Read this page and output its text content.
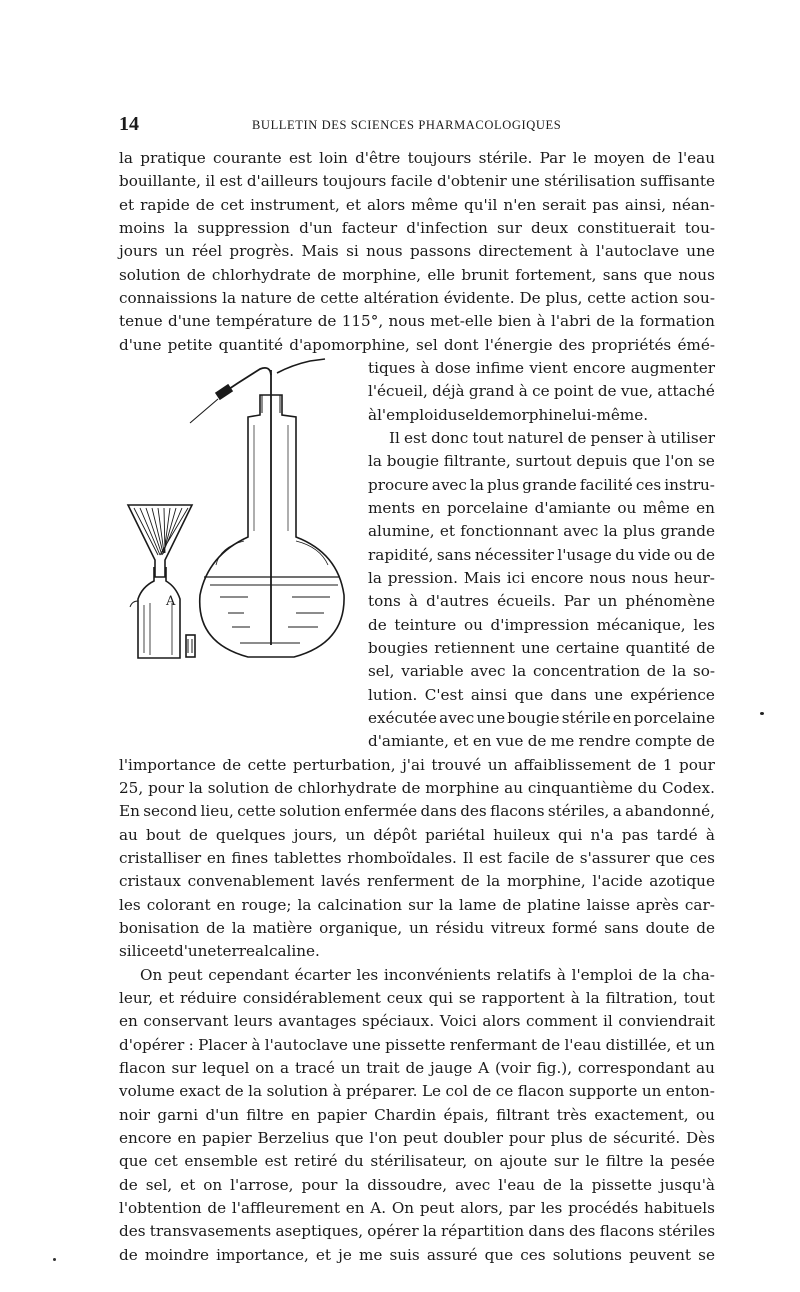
14	BULLETIN DES SCIENCES PHARMACOLOGIQUES
A
la pratique courante est loin d'être toujours stérile. Par le moyen de l'eau
bouillante, il est d'ailleurs toujours facile d'obtenir une stérilisation suffisante
et rapide de cet instrument, et alors même qu'il n'en serait pas ainsi, néan-
moins la suppression d'un facteur d'infection sur deux constituerait tou-
jours un réel progrès. Mais si nous passons directement à l'autoclave une
solution de chlorhydrate de morphine, elle brunit fortement, sans que nous
connaissions la nature de cette altération évidente. De plus, cette action sou-
tenue d'une température de 115°, nous met-elle bien à l'abri de la formation
d'une petite quantité d'apomorphine, sel dont l'énergie des propriétés émé-
tiques à dose infime vient encore augmenter
l'écueil, déjà grand à ce point de vue, attaché
à l'emploi du sel de morphine lui-même.
Il est donc tout naturel de penser à utiliser
la bougie filtrante, surtout depuis que l'on se
procure avec la plus grande facilité ces instru-
ments en porcelaine d'amiante ou même en
alumine, et fonctionnant avec la plus grande
rapidité, sans nécessiter l'usage du vide ou de
la pression. Mais ici encore nous nous heur-
tons à d'autres écueils. Par un phénomène
de teinture ou d'impression mécanique, les
bougies retiennent une certaine quantité de
sel, variable avec la concentration de la so-
lution. C'est ainsi que dans une expérience
exécutée avec une bougie stérile en porcelaine
d'amiante, et en vue de me rendre compte de
l'importance de cette perturbation, j'ai trouvé un affaiblissement de 1 pour
25, pour la solution de chlorhydrate de morphine au cinquantième du Codex.
En second lieu, cette solution enfermée dans des flacons stériles, a abandonné,
au bout de quelques jours, un dépôt pariétal huileux qui n'a pas tardé à
cristalliser en fines tablettes rhomboïdales. Il est facile de s'assurer que ces
cristaux convenablement lavés renferment de la morphine, l'acide azotique
les colorant en rouge; la calcination sur la lame de platine laisse après car-
bonisation de la matière organique, un résidu vitreux formé sans doute de
silice et d'une terre alcaline.
On peut cependant écarter les inconvénients relatifs à l'emploi de la cha-
leur, et réduire considérablement ceux qui se rapportent à la filtration, tout
en conservant leurs avantages spéciaux. Voici alors comment il conviendrait
d'opérer : Placer à l'autoclave une pissette renfermant de l'eau distillée, et un
flacon sur lequel on a tracé un trait de jauge A (voir fig.), correspondant au
volume exact de la solution à préparer. Le col de ce flacon supporte un enton-
noir garni d'un filtre en papier Chardin épais, filtrant très exactement, ou
encore en papier Berzelius que l'on peut doubler pour plus de sécurité. Dès
que cet ensemble est retiré du stérilisateur, on ajoute sur le filtre la pesée
de sel, et on l'arrose, pour la dissoudre, avec l'eau de la pissette jusqu'à
l'obtention de l'affleurement en A. On peut alors, par les procédés habituels
des transvasements aseptiques, opérer la répartition dans des flacons stériles
de moindre importance, et je me suis assuré que ces solutions peuvent se
